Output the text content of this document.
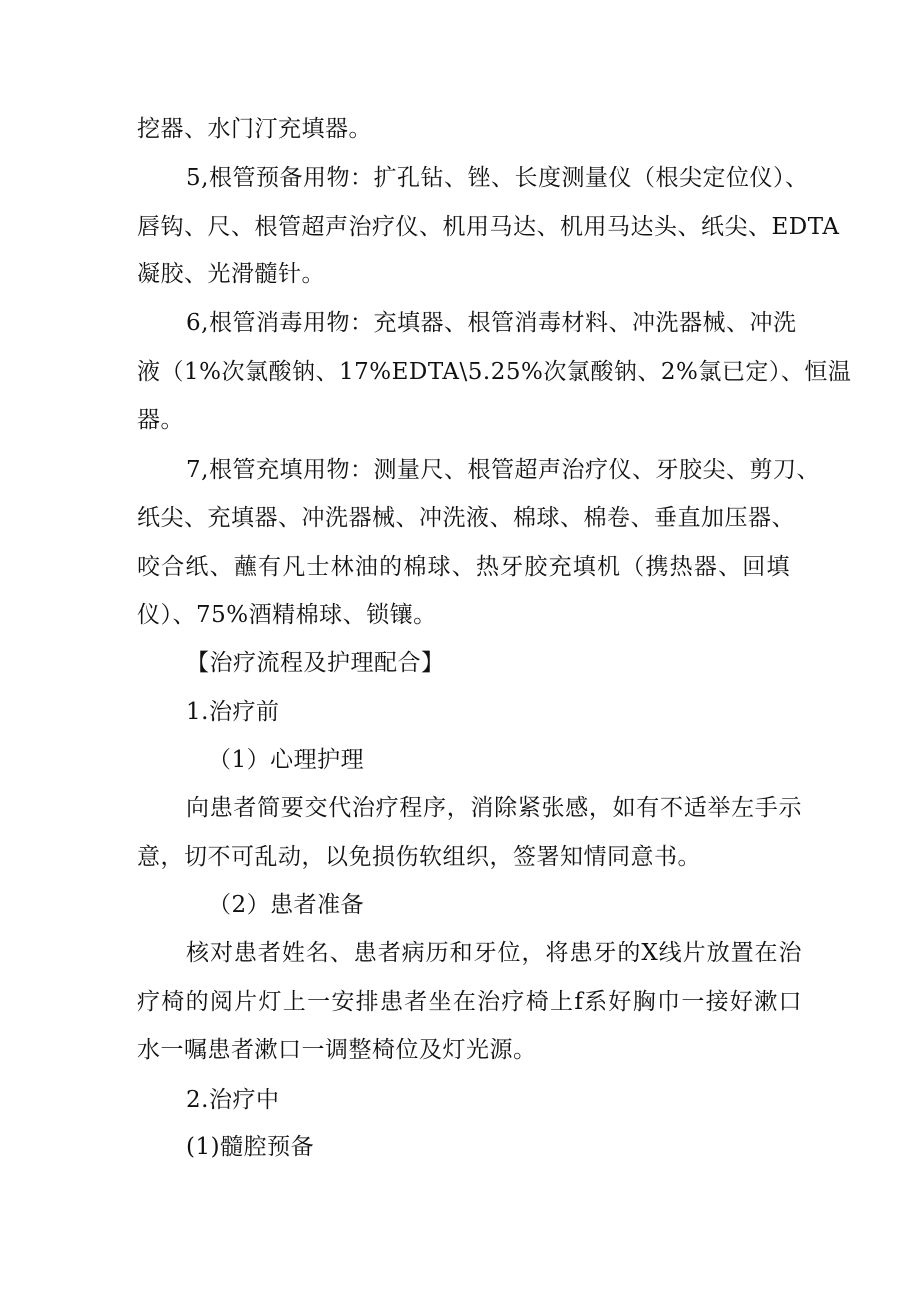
挖器、水门汀充填器。
5,根管预备用物：扩孔钻、锉、长度测量仪（根尖定位仪）、
唇钩、尺、根管超声治疗仪、机用马达、机用马达头、纸尖、EDTA
凝胶、光滑髓针。
6,根管消毒用物：充填器、根管消毒材料、冲洗器械、冲洗
液（1%次氯酸钠、17%EDTA\5.25%次氯酸钠、2%氯已定）、恒温
器。
7,根管充填用物：测量尺、根管超声治疗仪、牙胶尖、剪刀、
纸尖、充填器、冲洗器械、冲洗液、棉球、棉卷、垂直加压器、
咬合纸、蘸有凡士林油的棉球、热牙胶充填机（携热器、回填
仪）、75%酒精棉球、锁镶。
【治疗流程及护理配合】
1.治疗前
（1）心理护理
向患者简要交代治疗程序，消除紧张感，如有不适举左手示
意，切不可乱动，以免损伤软组织，签署知情同意书。
（2）患者准备
核对患者姓名、患者病历和牙位，将患牙的X线片放置在治
疗椅的阅片灯上一安排患者坐在治疗椅上f系好胸巾一接好漱口
水一嘱患者漱口一调整椅位及灯光源。
2.治疗中
(1)髓腔预备
